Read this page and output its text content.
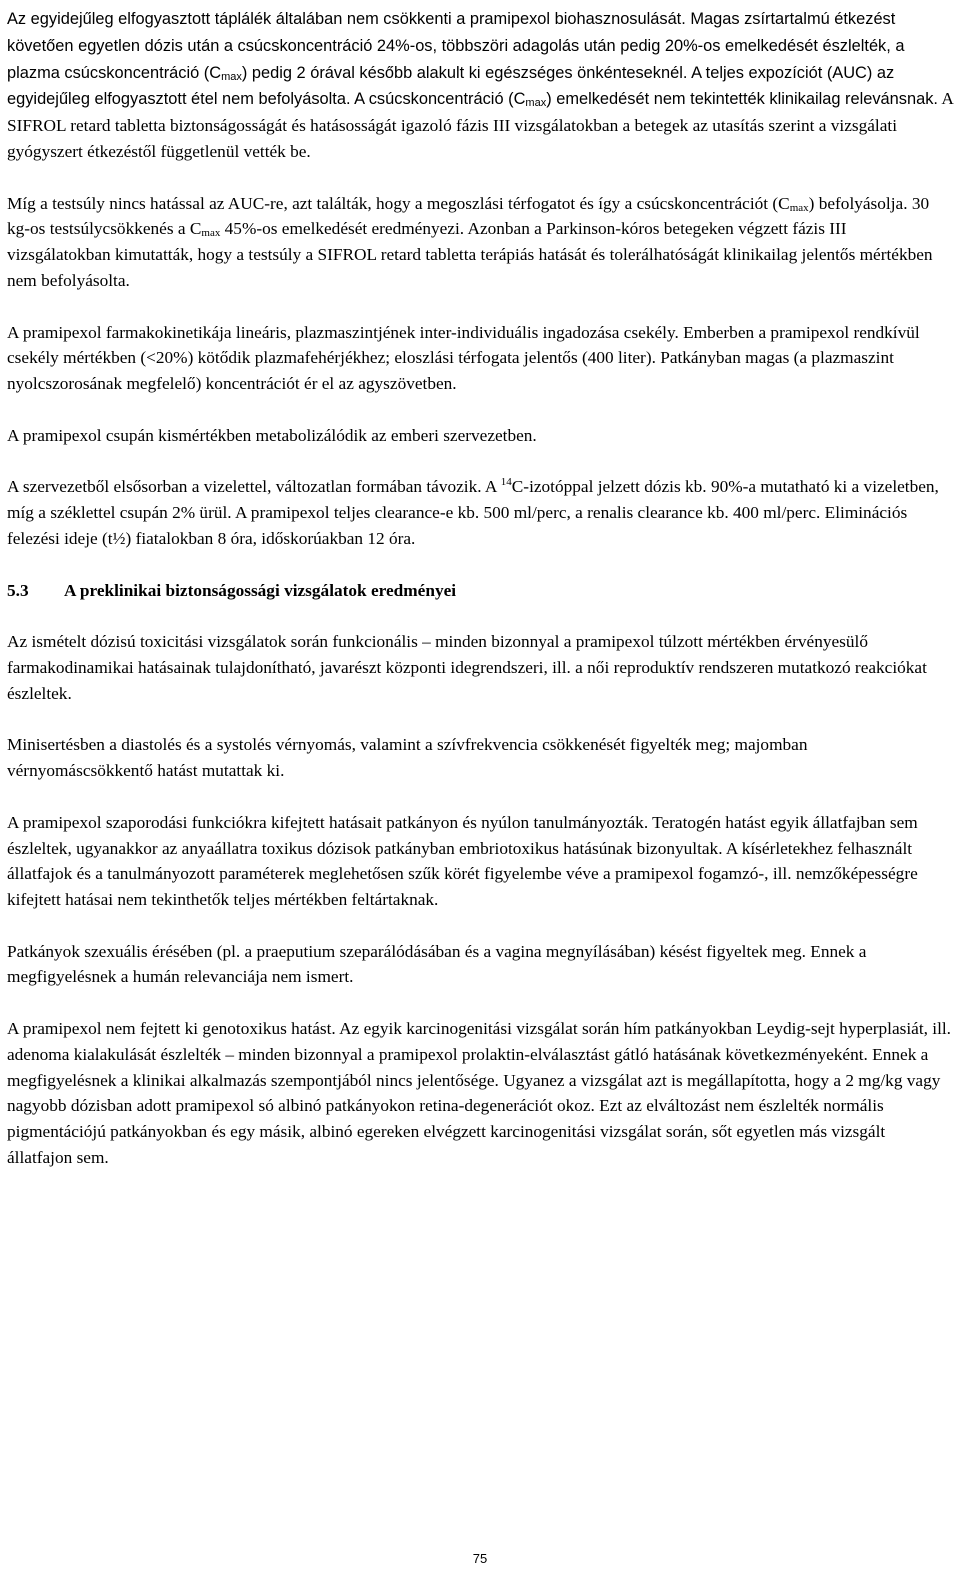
Az egyidejűleg elfogyasztott táplálék általában nem csökkenti a pramipexol biohasznosulását. Magas zsírtartalmú étkezést követően egyetlen dózis után a csúcskoncentráció 24%-os, többszöri adagolás után pedig 20%-os emelkedését észlelték, a plazma csúcskoncentráció $(C_{max})$ pedig 2 órával később alakult ki egészséges önkénteseknél. A teljes expozíciót (AUC) az egyidejűleg elfogyasztott étel nem befolyásolta. A csúcskoncentráció $(C_{max})$ emelkedését nem tekintették klinikailag relevánsnak. A SIFROL retard tabletta biztonságosságát és hatásosságát igazoló fázis III vizsgálatokban a betegek az utasítás szerint a vizsgálati gyógyszert étkezéstől függetlenül vették be.

Míg a testsúly nincs hatással az AUC-re, azt találták, hogy a megoszlási térfogatot és így a csúcskoncentrációt $(C_{max})$ befolyásolja. 30 kg-os testsúlycsökkenés a $C_{max}$ 45%-os emelkedését eredményezi. Azonban a Parkinson-kóros betegeken végzett fázis III vizsgálatokban kimutatták, hogy a testsúly a SIFROL retard tabletta terápiás hatását és tolerálhatóságát klinikailag jelentős mértékben nem befolyásolta.

A pramipexol farmakokinetikája lineáris, plazmaszintjének inter-individuális ingadozása csekély. Emberben a pramipexol rendkívül csekély mértékben (<20%) kötődik plazmafehérjékhez; eloszlási térfogata jelentős (400 liter). Patkányban magas (a plazmaszint nyolcszorosának megfelelő) koncentrációt ér el az agyszövetben.

A pramipexol csupán kismértékben metabolizálódik az emberi szervezetben.

A szervezetből elsősorban a vizelettel, változatlan formában távozik. A $^{14}$C-izotóppal jelzett dózis kb. 90%-a mutatható ki a vizeletben, míg a széklettel csupán 2% ürül. A pramipexol teljes clearance-e kb. 500 ml/perc, a renalis clearance kb. 400 ml/perc. Eliminációs felezési ideje (t½) fiatalokban 8 óra, időskorúakban 12 óra.

5.3 A preklinikai biztonságossági vizsgálatok eredményei

Az ismételt dózisú toxicitási vizsgálatok során funkcionális – minden bizonnyal a pramipexol túlzott mértékben érvényesülő farmakodinamikai hatásainak tulajdonítható, javarészt központi idegrendszeri, ill. a női reproduktív rendszeren mutatkozó reakciókat észleltek.

Minisertésben a diastolés és a systolés vérnyomás, valamint a szívfrekvencia csökkenését figyelték meg; majomban vérnyomáscsökkentő hatást mutattak ki.

A pramipexol szaporodási funkciókra kifejtett hatásait patkányon és nyúlon tanulmányozták. Teratogén hatást egyik állatfajban sem észleltek, ugyanakkor az anyaállatra toxikus dózisok patkányban embriotoxikus hatásúnak bizonyultak. A kísérletekhez felhasznált állatfajok és a tanulmányozott paraméterek meglehetősen szűk körét figyelembe véve a pramipexol fogamzó-, ill. nemzőképességre kifejtett hatásai nem tekinthetők teljes mértékben feltártaknak.

Patkányok szexuális érésében (pl. a praeputium szeparálódásában és a vagina megnyílásában) késést figyeltek meg. Ennek a megfigyelésnek a humán relevanciája nem ismert.

A pramipexol nem fejtett ki genotoxikus hatást. Az egyik karcinogenitási vizsgálat során hím patkányokban Leydig-sejt hyperplasiát, ill. adenoma kialakulását észlelték – minden bizonnyal a pramipexol prolaktin-elválasztást gátló hatásának következményeként. Ennek a megfigyelésnek a klinikai alkalmazás szempontjából nincs jelentősége. Ugyanez a vizsgálat azt is megállapította, hogy a 2 mg/kg vagy nagyobb dózisban adott pramipexol só albinó patkányokon retina-degenerációt okoz. Ezt az elváltozást nem észlelték normális pigmentációjú patkányokban és egy másik, albinó egereken elvégzett karcinogenitási vizsgálat során, sőt egyetlen más vizsgált állatfajon sem.

75
